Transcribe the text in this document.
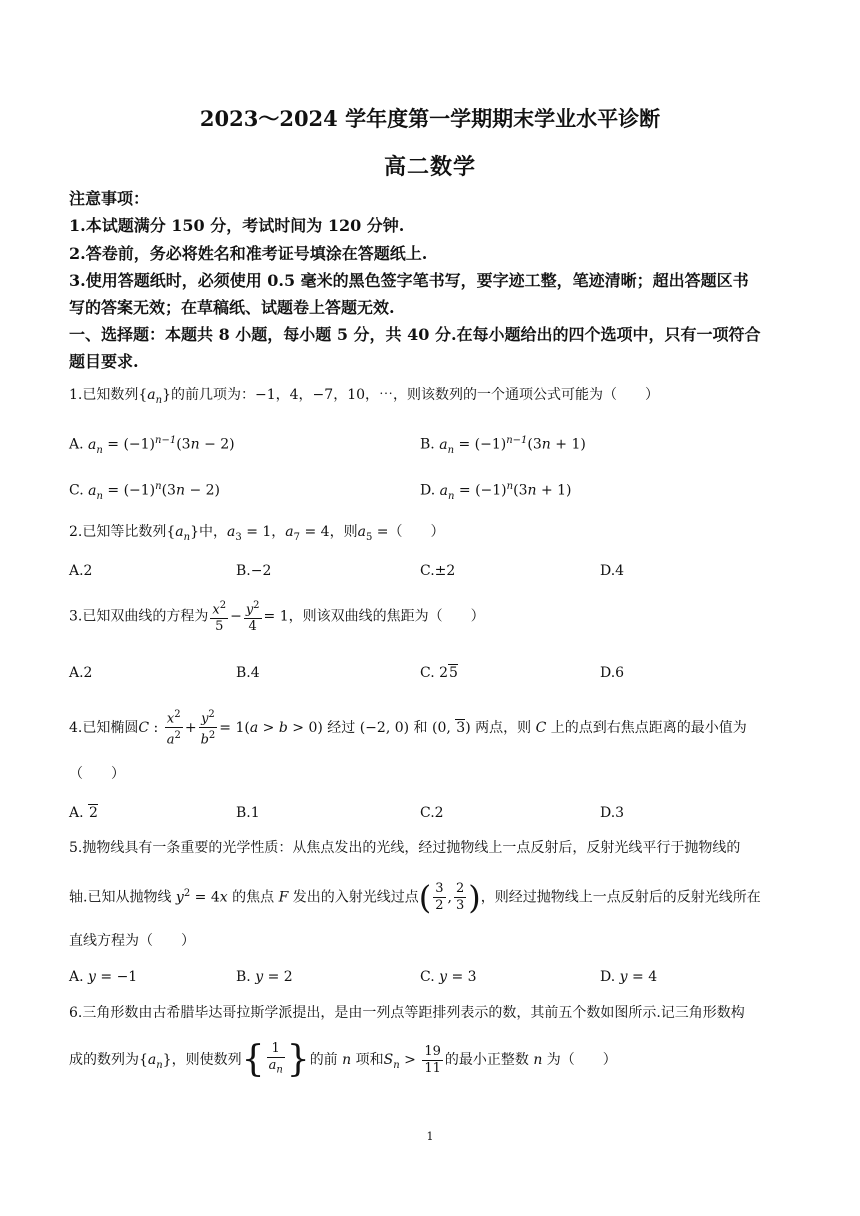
2023～2024 学年度第一学期期末学业水平诊断
高二数学
注意事项：
1.本试题满分 150 分，考试时间为 120 分钟.
2.答卷前，务必将姓名和准考证号填涂在答题纸上.
3.使用答题纸时，必须使用 0.5 毫米的黑色签字笔书写，要字迹工整，笔迹清晰；超出答题区书
写的答案无效；在草稿纸、试题卷上答题无效.
一、选择题：本题共 8 小题，每小题 5 分，共 40 分.在每小题给出的四个选项中，只有一项符合
题目要求.
1.已知数列$\{a_n\}$的前几项为：−1，4，−7，10，⋯，则该数列的一个通项公式可能为（　　）
A. $a_n = (-1)^{n-1}(3n - 2)$	B. $a_n = (-1)^{n-1}(3n + 1)$
C. $a_n = (-1)^n(3n - 2)$	D. $a_n = (-1)^n(3n + 1)$
2.已知等比数列$\{a_n\}$中，$a_3 = 1$，$a_7 = 4$，则$a_5$ =（　　）
A.2	B.−2	C.±2	D.4
3.已知双曲线的方程为 $\frac{x^2}{5} - \frac{y^2}{4} = 1$，则该双曲线的焦距为（　　）
A.2	B.4	C. 25	D.6
4.已知椭圆C : $\frac{x^2}{a^2} + \frac{y^2}{b^2} = 1(a > b > 0)$ 经过 (−2, 0) 和 (0, 3) 两点，则 C 上的点到右焦点距离的最小值为
（　　）
A. 2	B.1	C.2	D.3
5.抛物线具有一条重要的光学性质：从焦点发出的光线，经过抛物线上一点反射后，反射光线平行于抛物线的
轴.已知从抛物线 $y^2 = 4x$ 的焦点 F 发出的入射光线过点( $\frac{3}{2}$ , $\frac{2}{3}$ )，则经过抛物线上一点反射后的反射光线所在
直线方程为（　　）
A. y = −1	B. y = 2	C. y = 3	D. y = 4
6.三角形数由古希腊毕达哥拉斯学派提出，是由一列点等距排列表示的数，其前五个数如图所示.记三角形数构
成的数列为$\{a_n\}$，则使数列{ $\frac{1}{a_n}$ }的前 n 项和$S_n > \frac{19}{11}$ 的最小正整数 n 为（　　）
1
